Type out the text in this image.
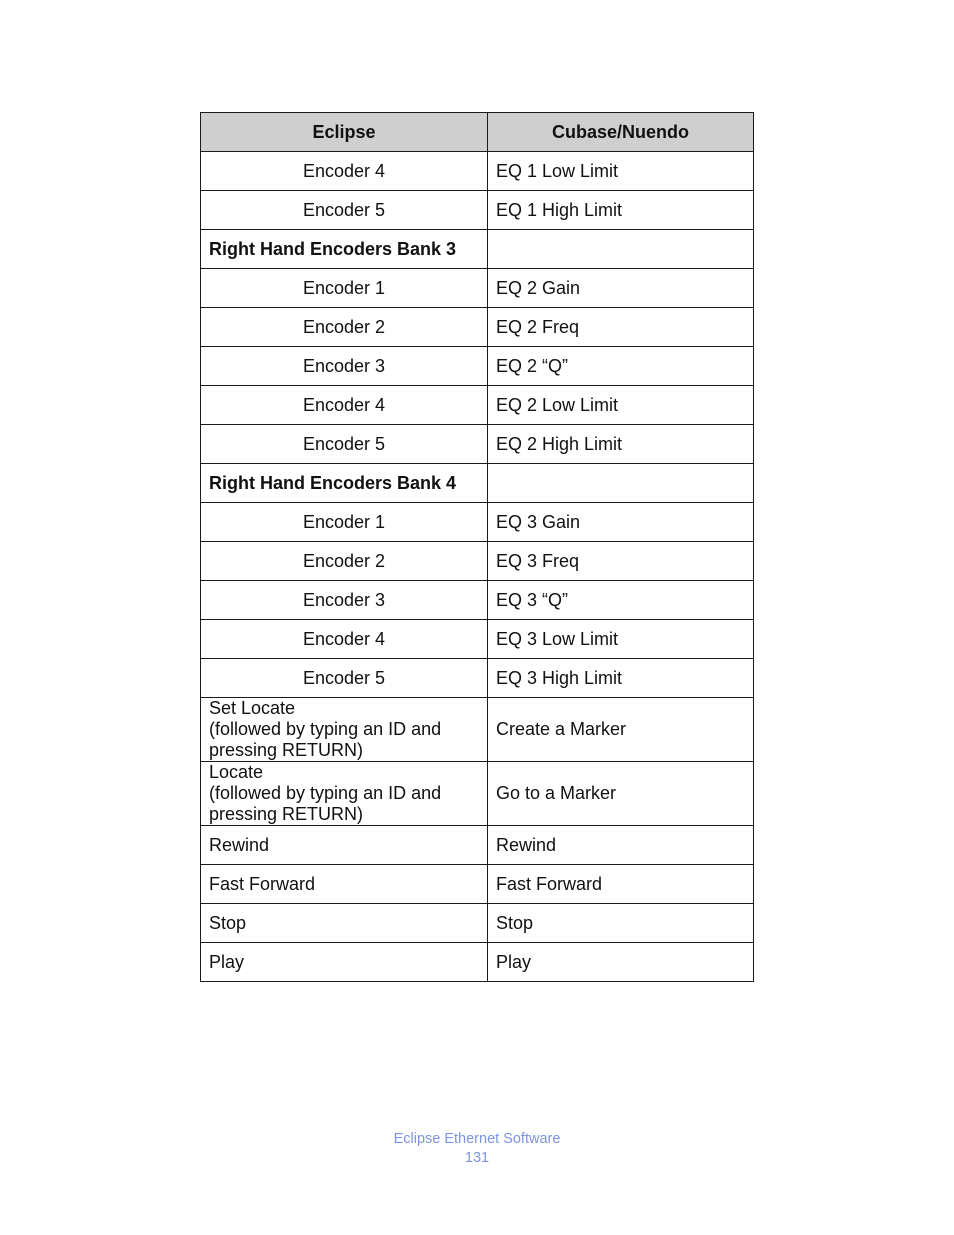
Eclipse	Cubase/Nuendo

Encoder 4	EQ 1 Low Limit

Encoder 5	EQ 1 High Limit

Right Hand Encoders Bank 3	

Encoder 1	EQ 2 Gain

Encoder 2	EQ 2 Freq

Encoder 3	EQ 2 “Q”

Encoder 4	EQ 2 Low Limit

Encoder 5	EQ 2 High Limit

Right Hand Encoders Bank 4	

Encoder 1	EQ 3 Gain

Encoder 2	EQ 3 Freq

Encoder 3	EQ 3 “Q”

Encoder 4	EQ 3 Low Limit

Encoder 5	EQ 3 High Limit

Set Locate
(followed by typing an ID and
pressing RETURN)	Create a Marker

Locate
(followed by typing an ID and
pressing RETURN)	Go to a Marker

Rewind	Rewind

Fast Forward	Fast Forward

Stop	Stop

Play	Play
Eclipse Ethernet Software
131
